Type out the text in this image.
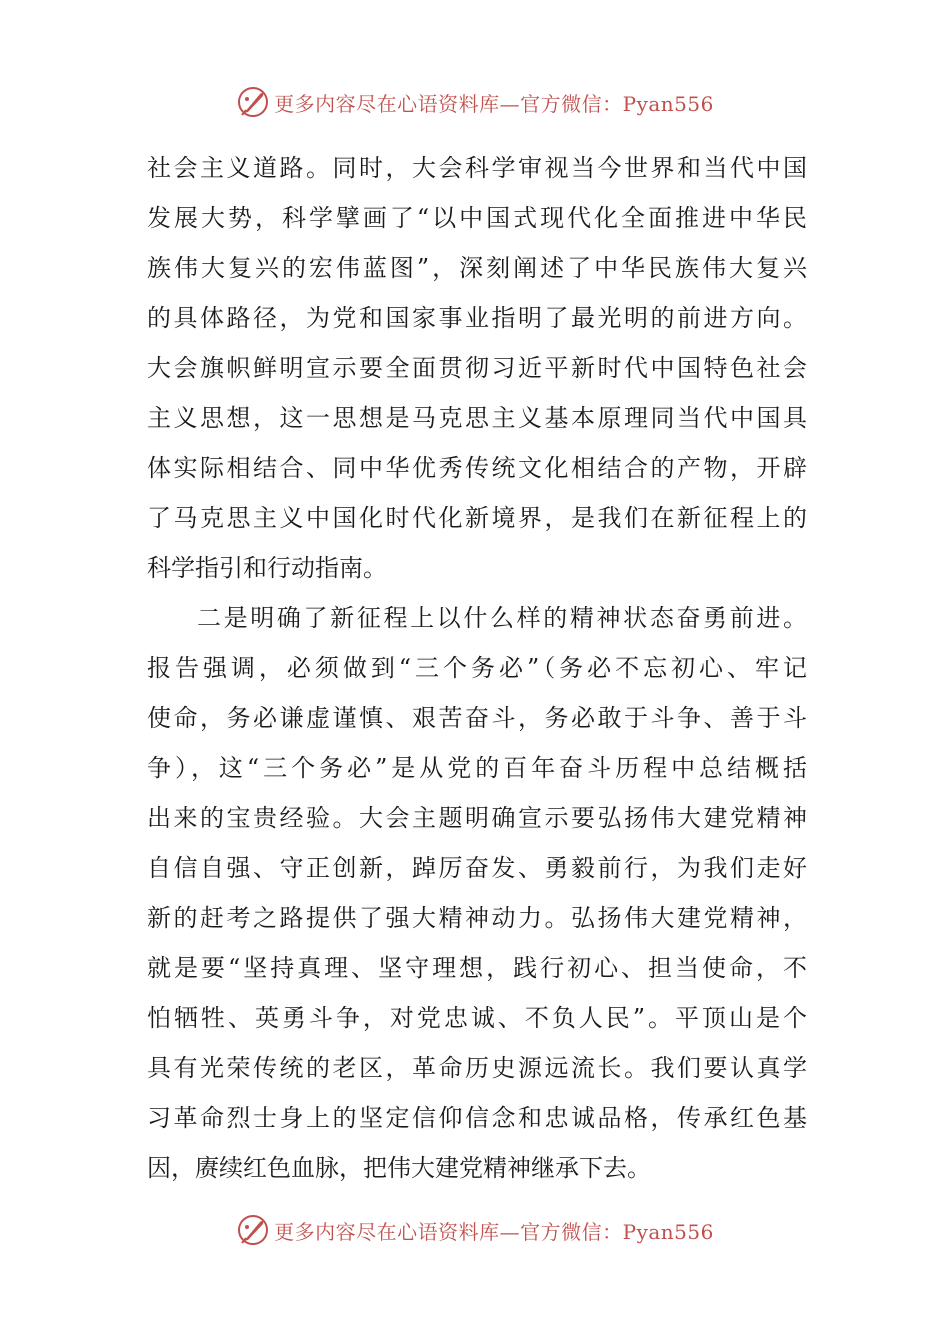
更多内容尽在心语资料库—官方微信：Pyan556
社会主义道路。同时，大会科学审视当今世界和当代中国
发展大势，科学擘画了“以中国式现代化全面推进中华民
族伟大复兴的宏伟蓝图”，深刻阐述了中华民族伟大复兴
的具体路径，为党和国家事业指明了最光明的前进方向。
大会旗帜鲜明宣示要全面贯彻习近平新时代中国特色社会
主义思想，这一思想是马克思主义基本原理同当代中国具
体实际相结合、同中华优秀传统文化相结合的产物，开辟
了马克思主义中国化时代化新境界，是我们在新征程上的
科学指引和行动指南。
二是明确了新征程上以什么样的精神状态奋勇前进。
报告强调，必须做到“三个务必”（务必不忘初心、牢记
使命，务必谦虚谨慎、艰苦奋斗，务必敢于斗争、善于斗
争），这“三个务必”是从党的百年奋斗历程中总结概括
出来的宝贵经验。大会主题明确宣示要弘扬伟大建党精神
自信自强、守正创新，踔厉奋发、勇毅前行，为我们走好
新的赶考之路提供了强大精神动力。弘扬伟大建党精神，
就是要“坚持真理、坚守理想，践行初心、担当使命，不
怕牺牲、英勇斗争，对党忠诚、不负人民”。平顶山是个
具有光荣传统的老区，革命历史源远流长。我们要认真学
习革命烈士身上的坚定信仰信念和忠诚品格，传承红色基
因，赓续红色血脉，把伟大建党精神继承下去。
更多内容尽在心语资料库—官方微信：Pyan556
